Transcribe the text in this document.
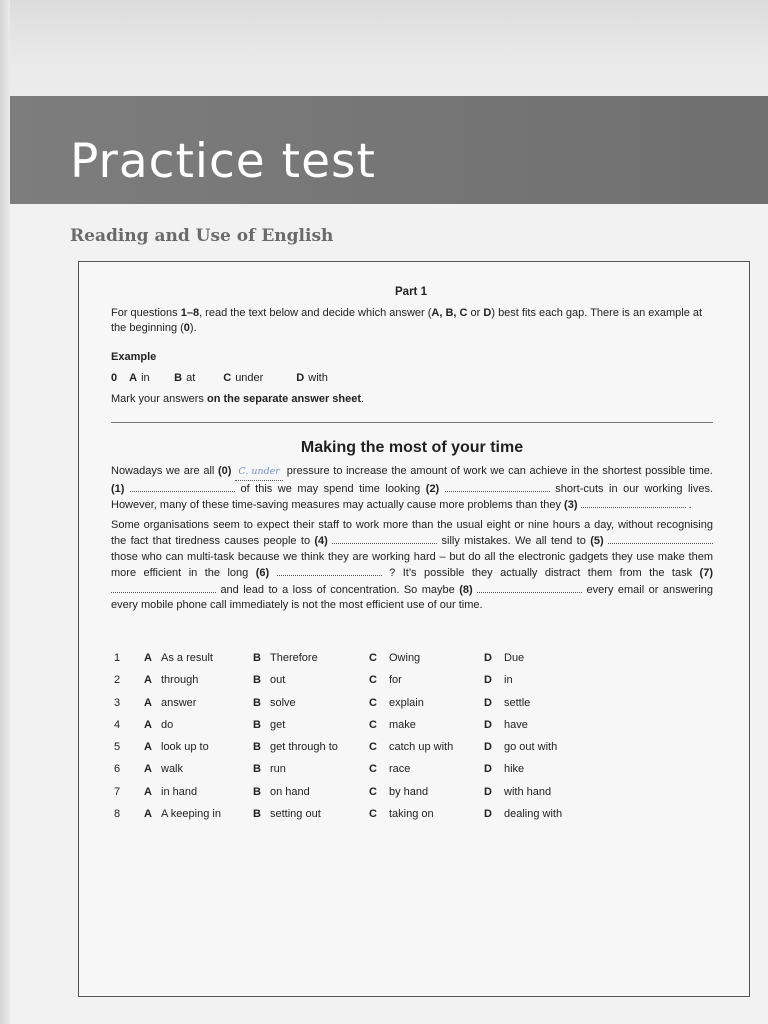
Practice test
Reading and Use of English
Part 1
For questions 1–8, read the text below and decide which answer (A, B, C or D) best fits each gap. There is an example at the beginning (0).
Example
0 A in B at	C under	D with
Mark your answers on the separate answer sheet.
Making the most of your time

Nowadays we are all (0) C. under pressure to increase the amount of work we can achieve in the shortest possible time. (1)	of this we may spend time looking (2)	short-cuts in our working lives. However, many of these time-saving measures may actually cause more problems than they (3)	.

Some organisations seem to expect their staff to work more than the usual eight or nine hours a day, without recognising the fact that tiredness causes people to (4)	silly mistakes. We all tend to (5)  those who can multi-task because we think they are working hard – but do all the electronic gadgets they use make them more efficient in the long (6)	? It’s possible they actually distract them from the task (7)  and lead to a loss of concentration. So maybe (8)	every email or answering every mobile phone call immediately is not the most efficient use of our time.

1 A As a result	B Therefore	C Owing	D Due
2 A through	B out	C for	D in
3 A answer	B solve	C explain	D settle
4 A do	B get	C make	D have
5 A look up to	B get through to	C catch up with	D go out with
6 A walk	B run	C race	D hike
7 A in hand	B on hand	C by hand	D with hand
8 A A keeping in	B setting out	C taking on	D dealing with
